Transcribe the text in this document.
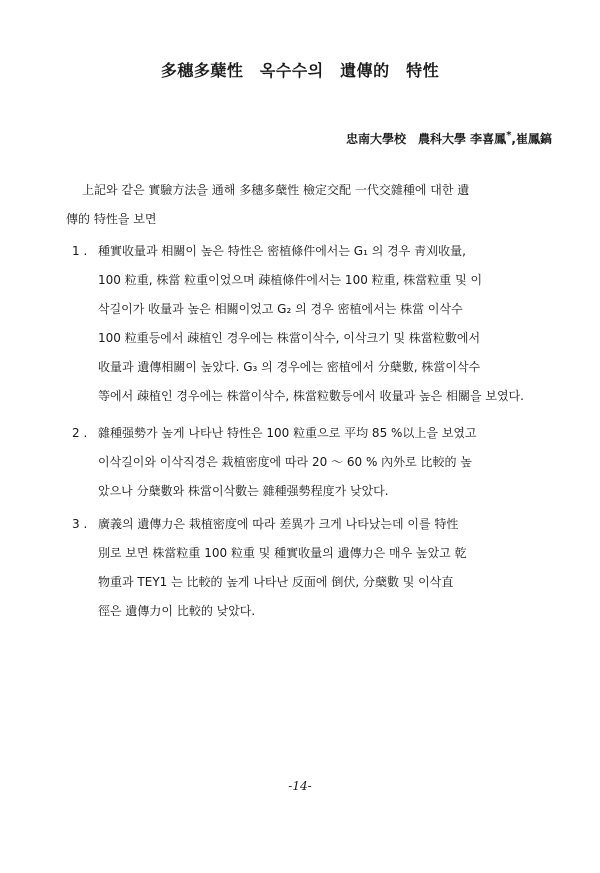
多穗多蘖性　옥수수의　遺傳的　特性
忠南大學校　農科大學 李喜鳳*,崔鳳鎬
上記와 같은 實驗方法을 通해 多穗多蘖性 檢定交配 一代交雜種에 대한 遺
傳的 特性을 보면
1 . 種實收量과 相關이 높은 特性은 密植條件에서는 G₁ 의 경우 靑刈收量,
100 粒重, 株當 粒重이었으며 疎植條件에서는 100 粒重, 株當粒重 및 이
삭길이가 收量과 높은 相關이었고 G₂ 의 경우 密植에서는 株當 이삭수
100 粒重등에서 疎植인 경우에는 株當이삭수, 이삭크기 및 株當粒數에서
收量과 遺傳相關이 높았다. G₃ 의 경우에는 密植에서 分蘖數, 株當이삭수
等에서 疎植인 경우에는 株當이삭수, 株當粒數등에서 收量과 높은 相關을 보였다.
2 . 雜種强勢가 높게 나타난 特性은 100 粒重으로 平均 85 %以上을 보였고
이삭길이와 이삭직경은 栽植密度에 따라 20 ～ 60 % 內外로 比較的 높
았으나 分蘖數와 株當이삭數는 雜種强勢程度가 낮았다.
3 . 廣義의 遺傳力은 栽植密度에 따라 差異가 크게 나타났는데 이를 特性
別로 보면 株當粒重 100 粒重 및 種實收量의 遺傳力은 매우 높았고 乾
物重과 TEY1 는 比較的 높게 나타난 反面에 倒伏, 分蘖數 및 이삭直
徑은 遺傳力이 比較的 낮았다.
-14-
